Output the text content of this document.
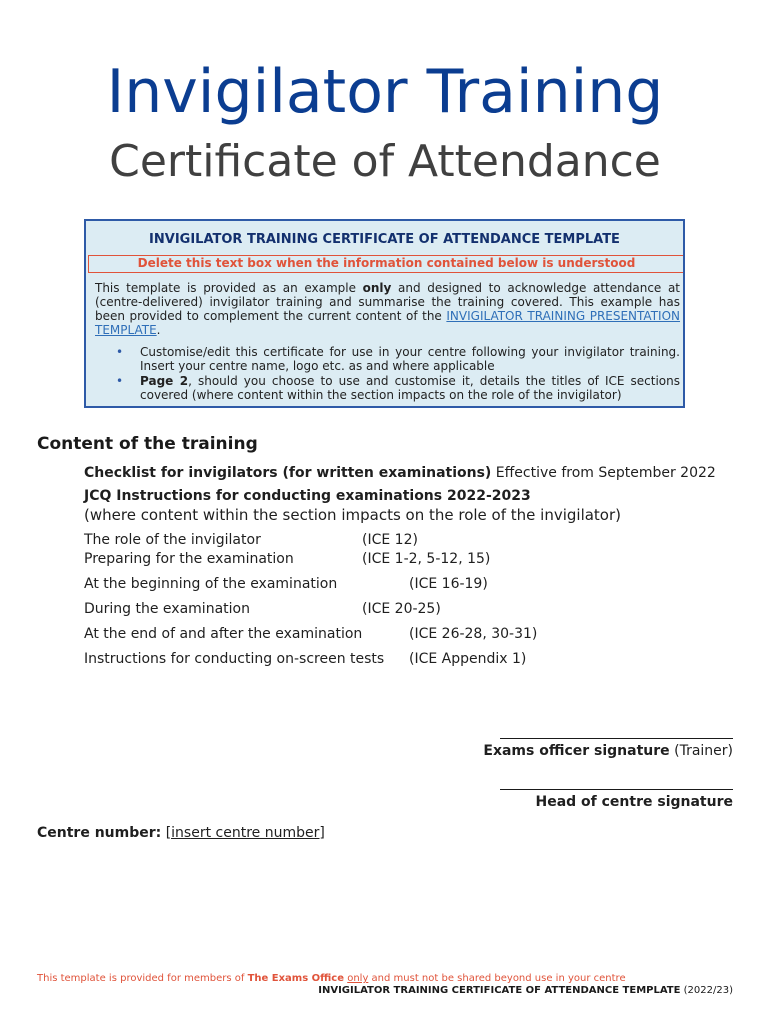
Invigilator Training
Certificate of Attendance
INVIGILATOR TRAINING CERTIFICATE OF ATTENDANCE TEMPLATE
Delete this text box when the information contained below is understood
This template is provided as an example only and designed to acknowledge attendance at (centre-delivered) invigilator training and summarise the training covered. This example has been provided to complement the current content of the INVIGILATOR TRAINING PRESENTATION TEMPLATE.
• Customise/edit this certificate for use in your centre following your invigilator training. Insert your centre name, logo etc. as and where applicable
• Page 2, should you choose to use and customise it, details the titles of ICE sections covered (where content within the section impacts on the role of the invigilator)
Content of the training
Checklist for invigilators (for written examinations) Effective from September 2022
JCQ Instructions for conducting examinations 2022-2023
(where content within the section impacts on the role of the invigilator)
The role of the invigilator	(ICE 12)
Preparing for the examination	(ICE 1-2, 5-12, 15)
At the beginning of the examination	(ICE 16-19)
During the examination	(ICE 20-25)
At the end of and after the examination	(ICE 26-28, 30-31)
Instructions for conducting on-screen tests (ICE Appendix 1)
Exams officer signature (Trainer)
Head of centre signature
Centre number: [insert centre number]
This template is provided for members of The Exams Office only and must not be shared beyond use in your centre
INVIGILATOR TRAINING CERTIFICATE OF ATTENDANCE TEMPLATE (2022/23)
